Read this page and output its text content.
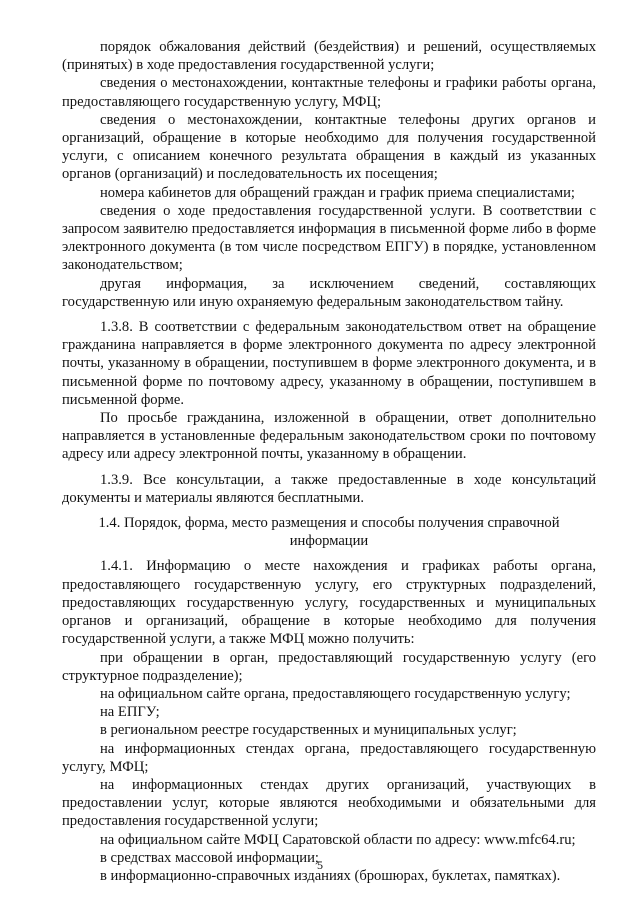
порядок обжалования действий (бездействия) и решений, осуществляемых (принятых) в ходе предоставления государственной услуги;

сведения о местонахождении, контактные телефоны и графики работы органа, предоставляющего государственную услугу, МФЦ;

сведения о местонахождении, контактные телефоны других органов и организаций, обращение в которые необходимо для получения государственной услуги, с описанием конечного результата обращения в каждый из указанных органов (организаций) и последовательность их посещения;

номера кабинетов для обращений граждан и график приема специалистами;

сведения о ходе предоставления государственной услуги. В соответствии с запросом заявителю предоставляется информация в письменной форме либо в форме электронного документа (в том числе посредством ЕПГУ) в порядке, установленном законодательством;

другая информация, за исключением сведений, составляющих государственную или иную охраняемую федеральным законодательством тайну.

1.3.8. В соответствии с федеральным законодательством ответ на обращение гражданина направляется в форме электронного документа по адресу электронной почты, указанному в обращении, поступившем в форме электронного документа, и в письменной форме по почтовому адресу, указанному в обращении, поступившем в письменной форме.

По просьбе гражданина, изложенной в обращении, ответ дополнительно направляется в установленные федеральным законодательством сроки по почтовому адресу или адресу электронной почты, указанному в обращении.

1.3.9. Все консультации, а также предоставленные в ходе консультаций документы и материалы являются бесплатными.

1.4. Порядок, форма, место размещения и способы получения справочной информации

1.4.1. Информацию о месте нахождения и графиках работы органа, предоставляющего государственную услугу, его структурных подразделений, предоставляющих государственную услугу, государственных и муниципальных органов и организаций, обращение в которые необходимо для получения государственной услуги, а также МФЦ можно получить:

при обращении в орган, предоставляющий государственную услугу (его структурное подразделение);

на официальном сайте органа, предоставляющего государственную услугу;

на ЕПГУ;

в региональном реестре государственных и муниципальных услуг;

на информационных стендах органа, предоставляющего государственную услугу, МФЦ;

на информационных стендах других организаций, участвующих в предоставлении услуг, которые являются необходимыми и обязательными для предоставления государственной услуги;

на официальном сайте МФЦ Саратовской области по адресу: www.mfc64.ru;

в средствах массовой информации;

в информационно-справочных изданиях (брошюрах, буклетах, памятках).

5
